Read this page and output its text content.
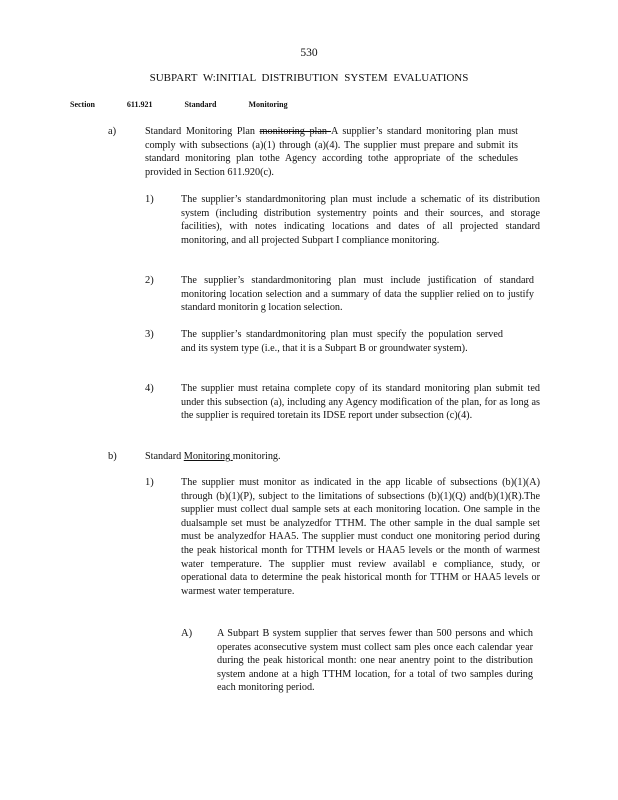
530
SUBPART W:INITIAL DISTRIBUTION SYSTEM EVALUATIONS
Section	611.921	Standard	Monitoring
a)	Standard Monitoring Plan monitoring plan A supplier’s standard monitoring plan must comply with subsections (a)(1) through (a)(4). The supplier must prepare and submit its standard monitoring plan tothe Agency according tothe appropriate of the schedules provided in Section 611.920(c).
1)	The supplier’s standardmonitoring plan must include a schematic of its distribution system (including distribution systementry points and their sources, and storage facilities), with notes indicating locations and dates of all projected standard monitoring, and all projected Subpart I compliance monitoring.
2)	The supplier’s standardmonitoring plan must include justification of standard monitoring location selection and a summary of data the supplier relied on to justify standard monitorin g location selection.
3)	The supplier’s standardmonitoring plan must specify the population served and its system type (i.e., that it is a Subpart B or groundwater system).
4)	The supplier must retaina complete copy of its standard monitoring plan submit ted under this subsection (a), including any Agency modification of the plan, for as long as the supplier is required toretain its IDSE report under subsection (c)(4).
b)	Standard Monitoring monitoring.
1)	The supplier must monitor as indicated in the app licable of subsections (b)(1)(A) through (b)(1)(P), subject to the limitations of subsections (b)(1)(Q) and(b)(1)(R).The supplier must collect dual sample sets at each monitoring location. One sample in the dualsample set must be analyzedfor TTHM. The other sample in the dual sample set must be analyzedfor HAA5. The supplier must conduct one monitoring period during the peak historical month for TTHM levels or HAA5 levels or the month of warmest water temperature. The supplier must review availabl e compliance, study, or operational data to determine the peak historical month for TTHM or HAA5 levels or warmest water temperature.
A) A Subpart B system supplier that serves fewer than 500 persons and which operates aconsecutive system must collect sam ples once each calendar year during the peak historical month: one near anentry point to the distribution system andone at a high TTHM location, for a total of two samples during each monitoring period.
